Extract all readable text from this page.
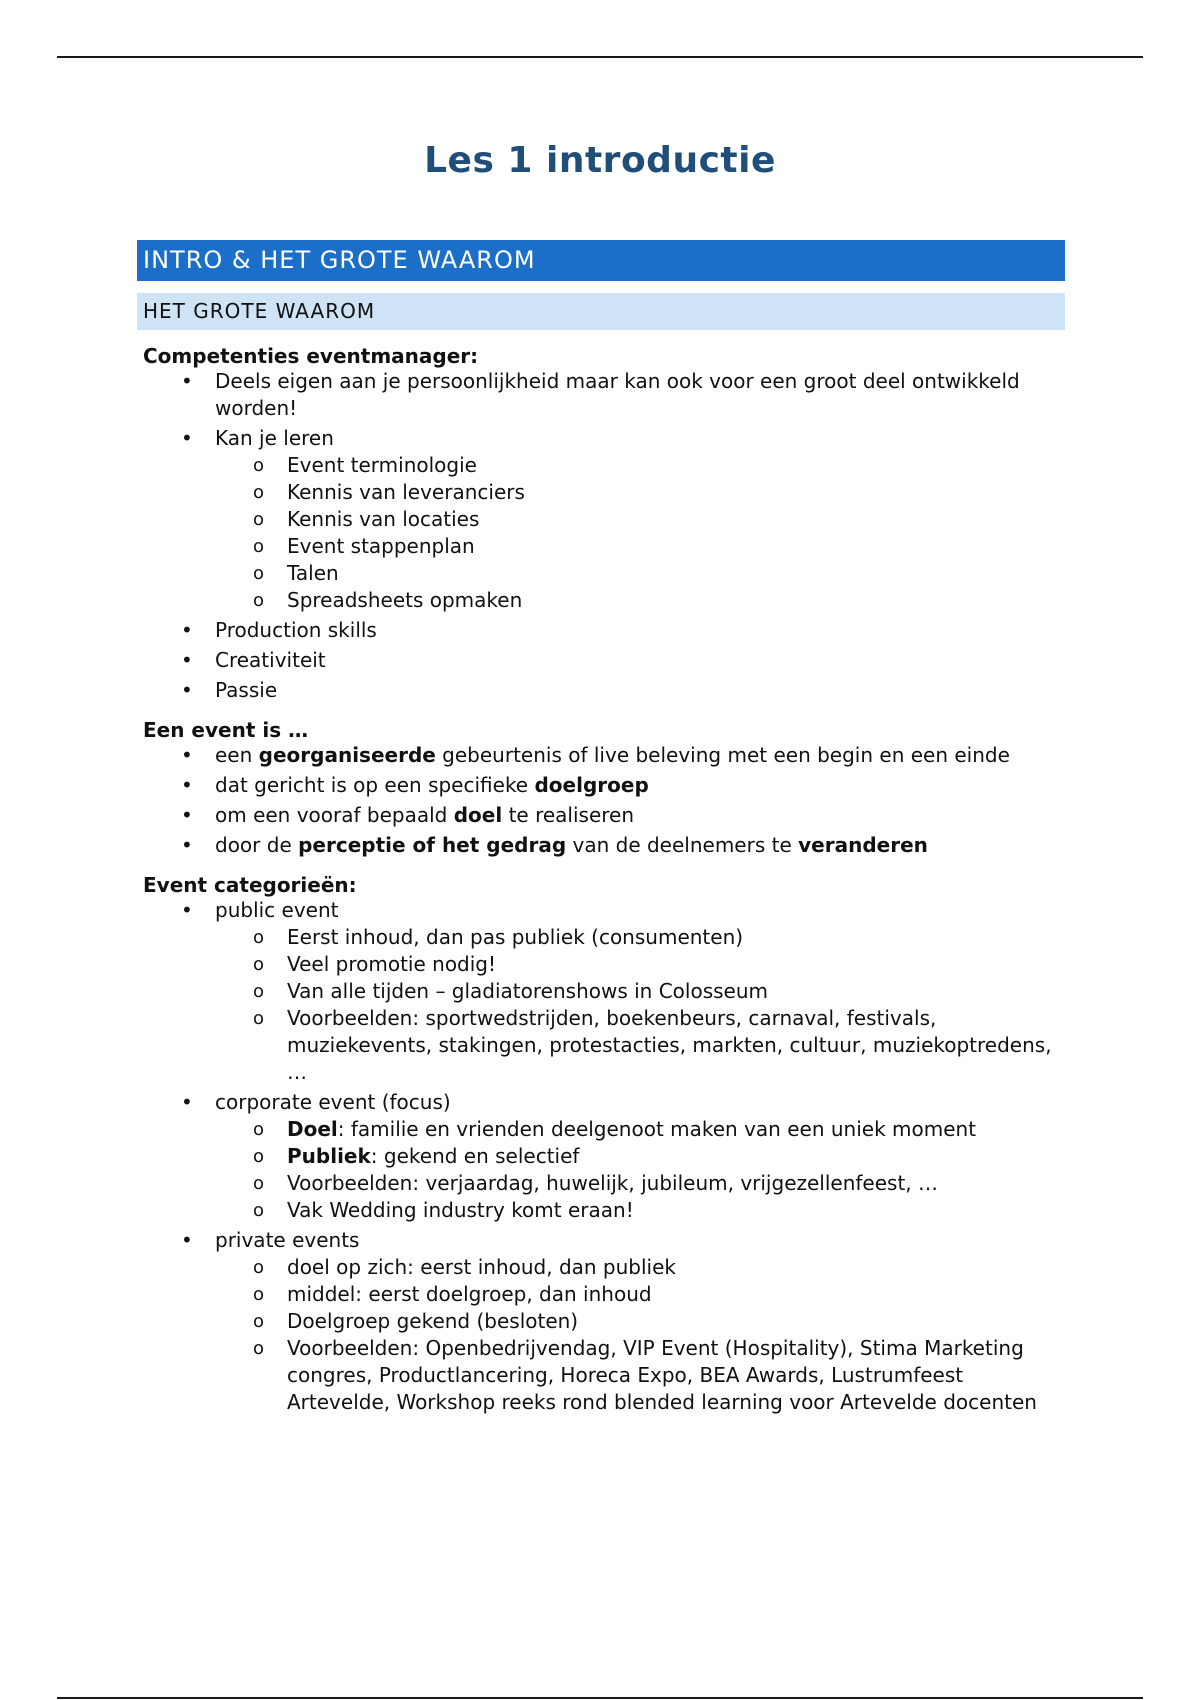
Les 1 introductie
INTRO & HET GROTE WAAROM
HET GROTE WAAROM
Competenties eventmanager:
• Deels eigen aan je persoonlijkheid maar kan ook voor een groot deel ontwikkeld worden!
• Kan je leren
o Event terminologie
o Kennis van leveranciers
o Kennis van locaties
o Event stappenplan
o Talen
o Spreadsheets opmaken
• Production skills
• Creativiteit
• Passie
Een event is …
• een georganiseerde gebeurtenis of live beleving met een begin en een einde
• dat gericht is op een specifieke doelgroep
• om een vooraf bepaald doel te realiseren
• door de perceptie of het gedrag van de deelnemers te veranderen
Event categorieën:
• public event
o Eerst inhoud, dan pas publiek (consumenten)
o Veel promotie nodig!
o Van alle tijden – gladiatorenshows in Colosseum
o Voorbeelden: sportwedstrijden, boekenbeurs, carnaval, festivals, muziekevents, stakingen, protestacties, markten, cultuur, muziekoptredens, …
• corporate event (focus)
o Doel: familie en vrienden deelgenoot maken van een uniek moment
o Publiek: gekend en selectief
o Voorbeelden: verjaardag, huwelijk, jubileum, vrijgezellenfeest, …
o Vak Wedding industry komt eraan!
• private events
o doel op zich: eerst inhoud, dan publiek
o middel: eerst doelgroep, dan inhoud
o Doelgroep gekend (besloten)
o Voorbeelden: Openbedrijvendag, VIP Event (Hospitality), Stima Marketing congres, Productlancering, Horeca Expo, BEA Awards, Lustrumfeest Artevelde, Workshop reeks rond blended learning voor Artevelde docenten
